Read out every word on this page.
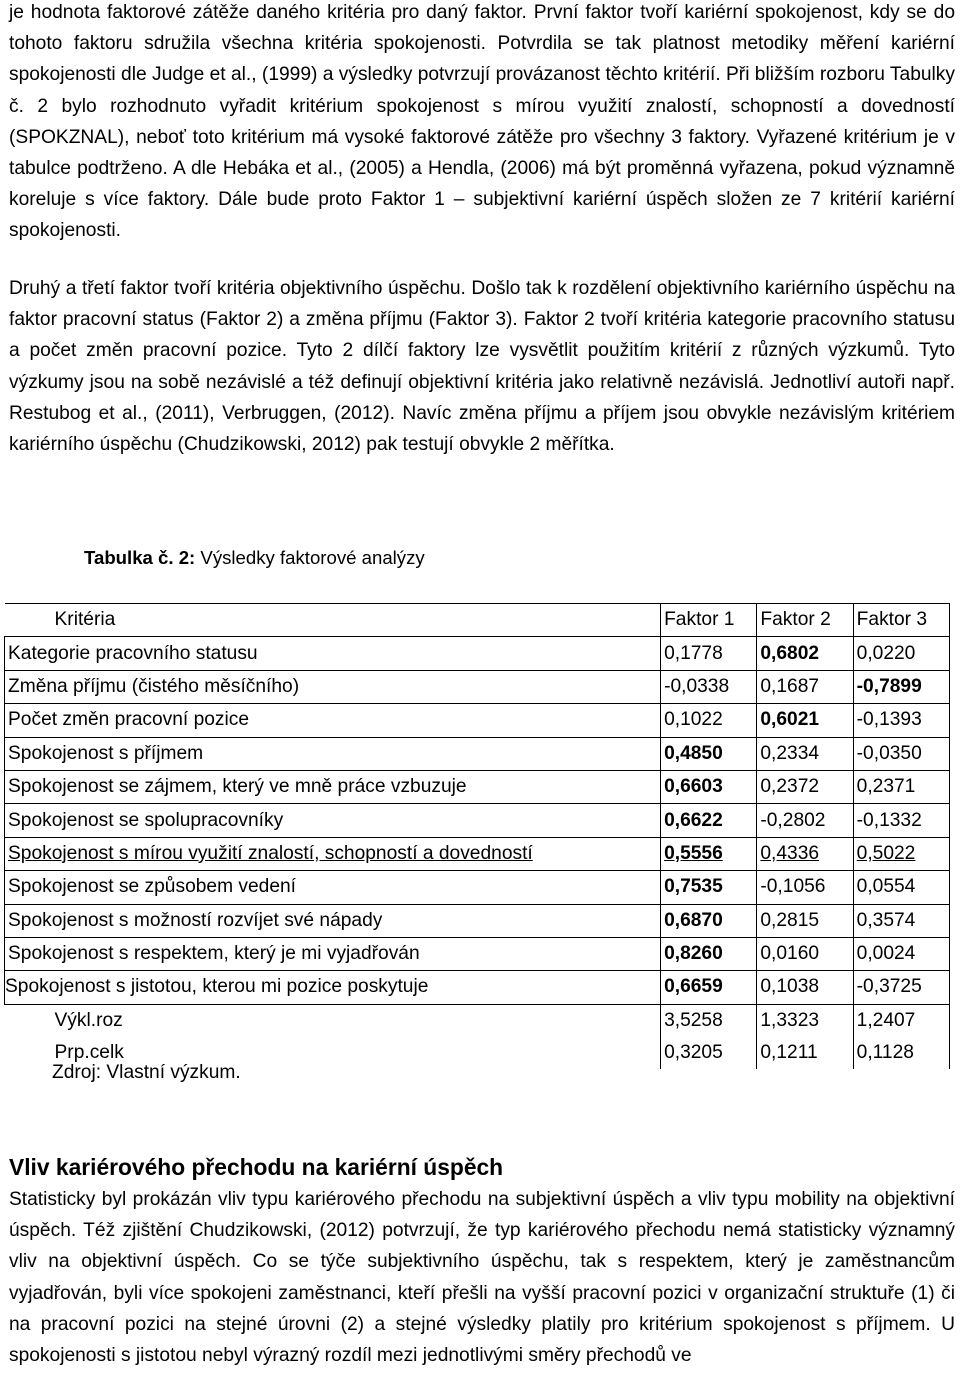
je hodnota faktorové zátěže daného kritéria pro daný faktor. První faktor tvoří kariérní spokojenost, kdy se do tohoto faktoru sdružila všechna kritéria spokojenosti. Potvrdila se tak platnost metodiky měření kariérní spokojenosti dle Judge et al., (1999) a výsledky potvrzují provázanost těchto kritérií. Při bližším rozboru Tabulky č. 2 bylo rozhodnuto vyřadit kritérium spokojenost s mírou využití znalostí, schopností a dovedností (SPOKZNAL), neboť toto kritérium má vysoké faktorové zátěže pro všechny 3 faktory. Vyřazené kritérium je v tabulce podtrženo. A dle Hebáka et al., (2005) a Hendla, (2006) má být proměnná vyřazena, pokud významně koreluje s více faktory. Dále bude proto Faktor 1 – subjektivní kariérní úspěch složen ze 7 kritérií kariérní spokojenosti.

Druhý a třetí faktor tvoří kritéria objektivního úspěchu. Došlo tak k rozdělení objektivního kariérního úspěchu na faktor pracovní status (Faktor 2) a změna příjmu (Faktor 3). Faktor 2 tvoří kritéria kategorie pracovního statusu a počet změn pracovní pozice. Tyto 2 dílčí faktory lze vysvětlit použitím kritérií z různých výzkumů. Tyto výzkumy jsou na sobě nezávislé a též definují objektivní kritéria jako relativně nezávislá. Jednotliví autoři např. Restubog et al., (2011), Verbruggen, (2012). Navíc změna příjmu a příjem jsou obvykle nezávislým kritériem kariérního úspěchu (Chudzikowski, 2012) pak testují obvykle 2 měřítka.

Tabulka č. 2: Výsledky faktorové analýzy
Kritéria	Faktor 1	Faktor 2	Faktor 3
Kategorie pracovního statusu	0,1778	0,6802	0,0220
Změna příjmu (čistého měsíčního)	-0,0338	0,1687	-0,7899
Počet změn pracovní pozice	0,1022	0,6021	-0,1393
Spokojenost s příjmem	0,4850	0,2334	-0,0350
Spokojenost se zájmem, který ve mně práce vzbuzuje	0,6603	0,2372	0,2371
Spokojenost se spolupracovníky	0,6622	-0,2802	-0,1332
Spokojenost s mírou využití znalostí, schopností a dovedností	0,5556	0,4336	0,5022
Spokojenost se způsobem vedení	0,7535	-0,1056	0,0554
Spokojenost s možností rozvíjet své nápady	0,6870	0,2815	0,3574
Spokojenost s respektem, který je mi vyjadřován	0,8260	0,0160	0,0024
Spokojenost s jistotou, kterou mi pozice poskytuje	0,6659	0,1038	-0,3725
Výkl.roz	3,5258	1,3323	1,2407
Prp.celk	0,3205	0,1211	0,1128
Zdroj: Vlastní výzkum.
Vliv kariérového přechodu na kariérní úspěch

Statisticky byl prokázán vliv typu kariérového přechodu na subjektivní úspěch a vliv typu mobility na objektivní úspěch. Též zjištění Chudzikowski, (2012) potvrzují, že typ kariérového přechodu nemá statisticky významný vliv na objektivní úspěch. Co se týče subjektivního úspěchu, tak s respektem, který je zaměstnancům vyjadřován, byli více spokojeni zaměstnanci, kteří přešli na vyšší pracovní pozici v organizační struktuře (1) či na pracovní pozici na stejné úrovni (2) a stejné výsledky platily pro kritérium spokojenost s příjmem. U spokojenosti s jistotou nebyl výrazný rozdíl mezi jednotlivými směry přechodů ve
